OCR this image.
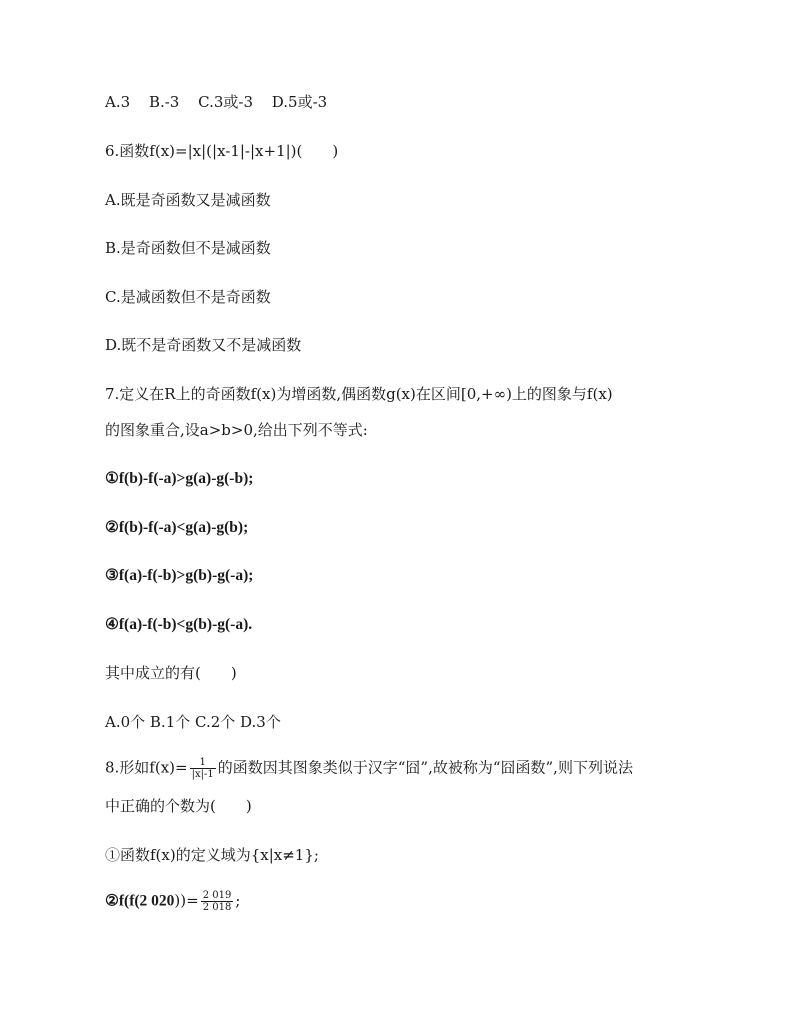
A.3 B.-3 C.3或-3 D.5或-3
6.函数f(x)=|x|(|x-1|-|x+1|)(　　)
A.既是奇函数又是减函数
B.是奇函数但不是减函数
C.是减函数但不是奇函数
D.既不是奇函数又不是减函数
7.定义在R上的奇函数f(x)为增函数,偶函数g(x)在区间[0,+∞)上的图象与f(x)
的图象重合,设a>b>0,给出下列不等式:
①f(b)-f(-a)>g(a)-g(-b);
②f(b)-f(-a)<g(a)-g(b);
③f(a)-f(-b)>g(b)-g(-a);
④f(a)-f(-b)<g(b)-g(-a).
其中成立的有(　　)
A.0个 B.1个 C.2个 D.3个
8.形如$f(x)= \frac{1}{|x|-1}$ 的函数因其图象类似于汉字“囧”,故被称为“囧函数”,则下列说法
中正确的个数为(　　)
①函数f(x)的定义域为{x|x≠1};
②f(f(2 $020))= \frac{2 019}{2 018}$ ;
